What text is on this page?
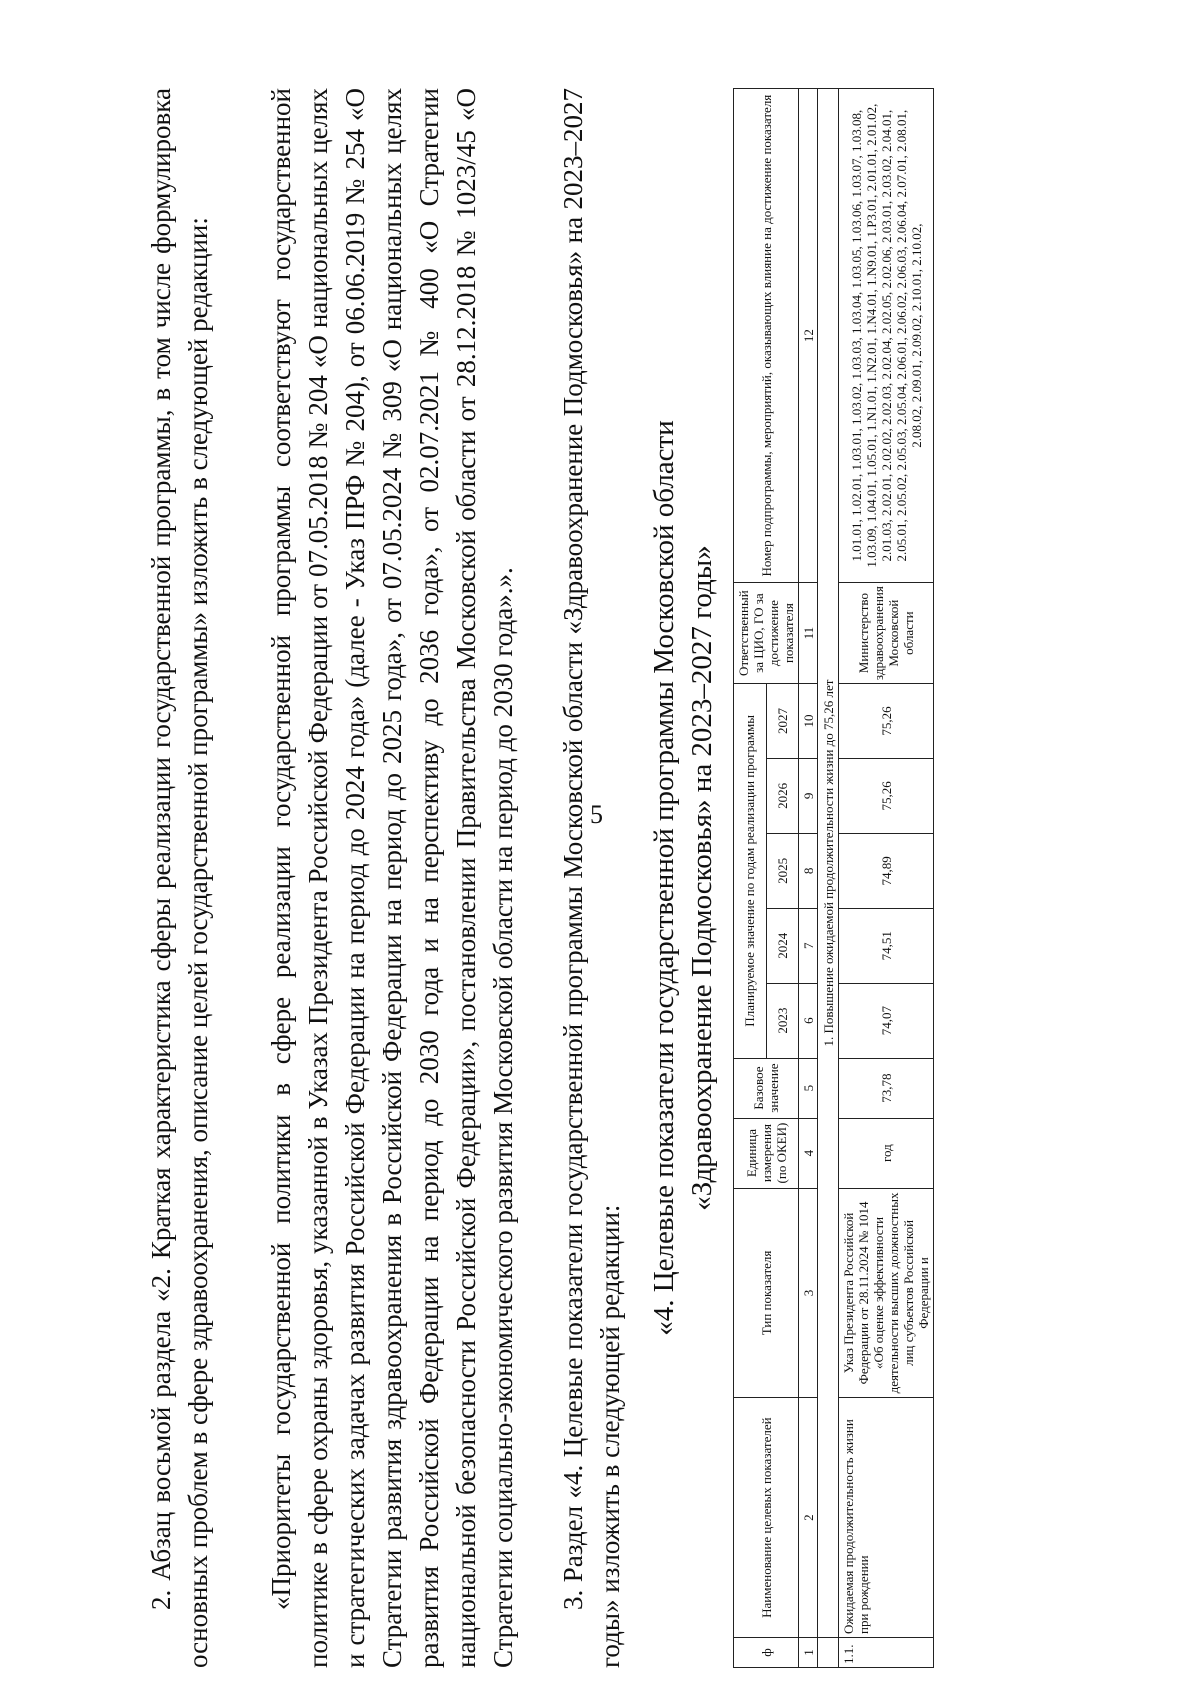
5

2. Абзац восьмой раздела «2. Краткая характеристика сферы реализации государственной программы, в том числе формулировка основных проблем в сфере здравоохранения, описание целей государственной программы» изложить в следующей редакции: «Приоритеты государственной политики в сфере реализации государственной программы соответствуют государственной политике в сфере охраны здоровья, указанной в Указах Президента Российской Федерации от 07.05.2018 № 204 «О национальных целях и стратегических задачах развития Российской Федерации на период до 2024 года» (далее - Указ ПРФ № 204), от 06.06.2019 № 254 «О Стратегии развития здравоохранения в Российской Федерации на период до 2025 года», от 07.05.2024 № 309 «О национальных целях развития Российской Федерации на период до 2030 года и на перспективу до 2036 года», от 02.07.2021 № 400 «О Стратегии национальной безопасности Российской Федерации», постановлении Правительства Московской области от 28.12.2018 № 1023/45 «О Стратегии социально-экономического развития Московской области на период до 2030 года».». 3. Раздел «4. Целевые показатели государственной программы Московской области «Здравоохранение Подмосковья» на 2023–2027 годы» изложить в следующей редакции:

«4. Целевые показатели государственной программы Московской области «Здравоохранение Подмосковья» на 2023–2027 годы»

ф	Наименование целевых показателей	Тип показателя	Единица измерения (по ОКЕИ)	Базовое значение	Планируемое значение по годам реализации программы					Ответственный за ЦИО, ГО за достижение показателя	Номер подпрограммы, мероприятий, оказывающих влияние на достижение показателя
					2023	2024	2025	2026	2027		
1	2	3	4	5	6	7	8	9	10	11	12
	1. Повышение ожидаемой продолжительности жизни до 75,26 лет										
1.1.	Ожидаемая продолжительность жизни при рождении	Указ Президента Российской Федерации от 28.11.2024 № 1014 «Об оценке эффективности деятельности высших должностных лиц субъектов Российской Федерации и	год	73,78	74,07	74,51	74,89	75,26	75,26	Министерство здравоохранения Московской области	1.01.01, 1.02.01, 1.03.01, 1.03.02, 1.03.03, 1.03.04, 1.03.05, 1.03.06, 1.03.07, 1.03.08, 1.03.09, 1.04.01, 1.05.01, 1.N1.01, 1.N2.01, 1.N4.01, 1.N9.01, 1.P3.01, 2.01.01, 2.01.02, 2.01.03, 2.02.01, 2.02.02, 2.02.03, 2.02.04, 2.02.05, 2.02.06, 2.03.01, 2.03.02, 2.04.01, 2.05.01, 2.05.02, 2.05.03, 2.05.04, 2.06.01, 2.06.02, 2.06.03, 2.06.04, 2.07.01, 2.08.01, 2.08.02, 2.09.01, 2.09.02, 2.10.01, 2.10.02,
